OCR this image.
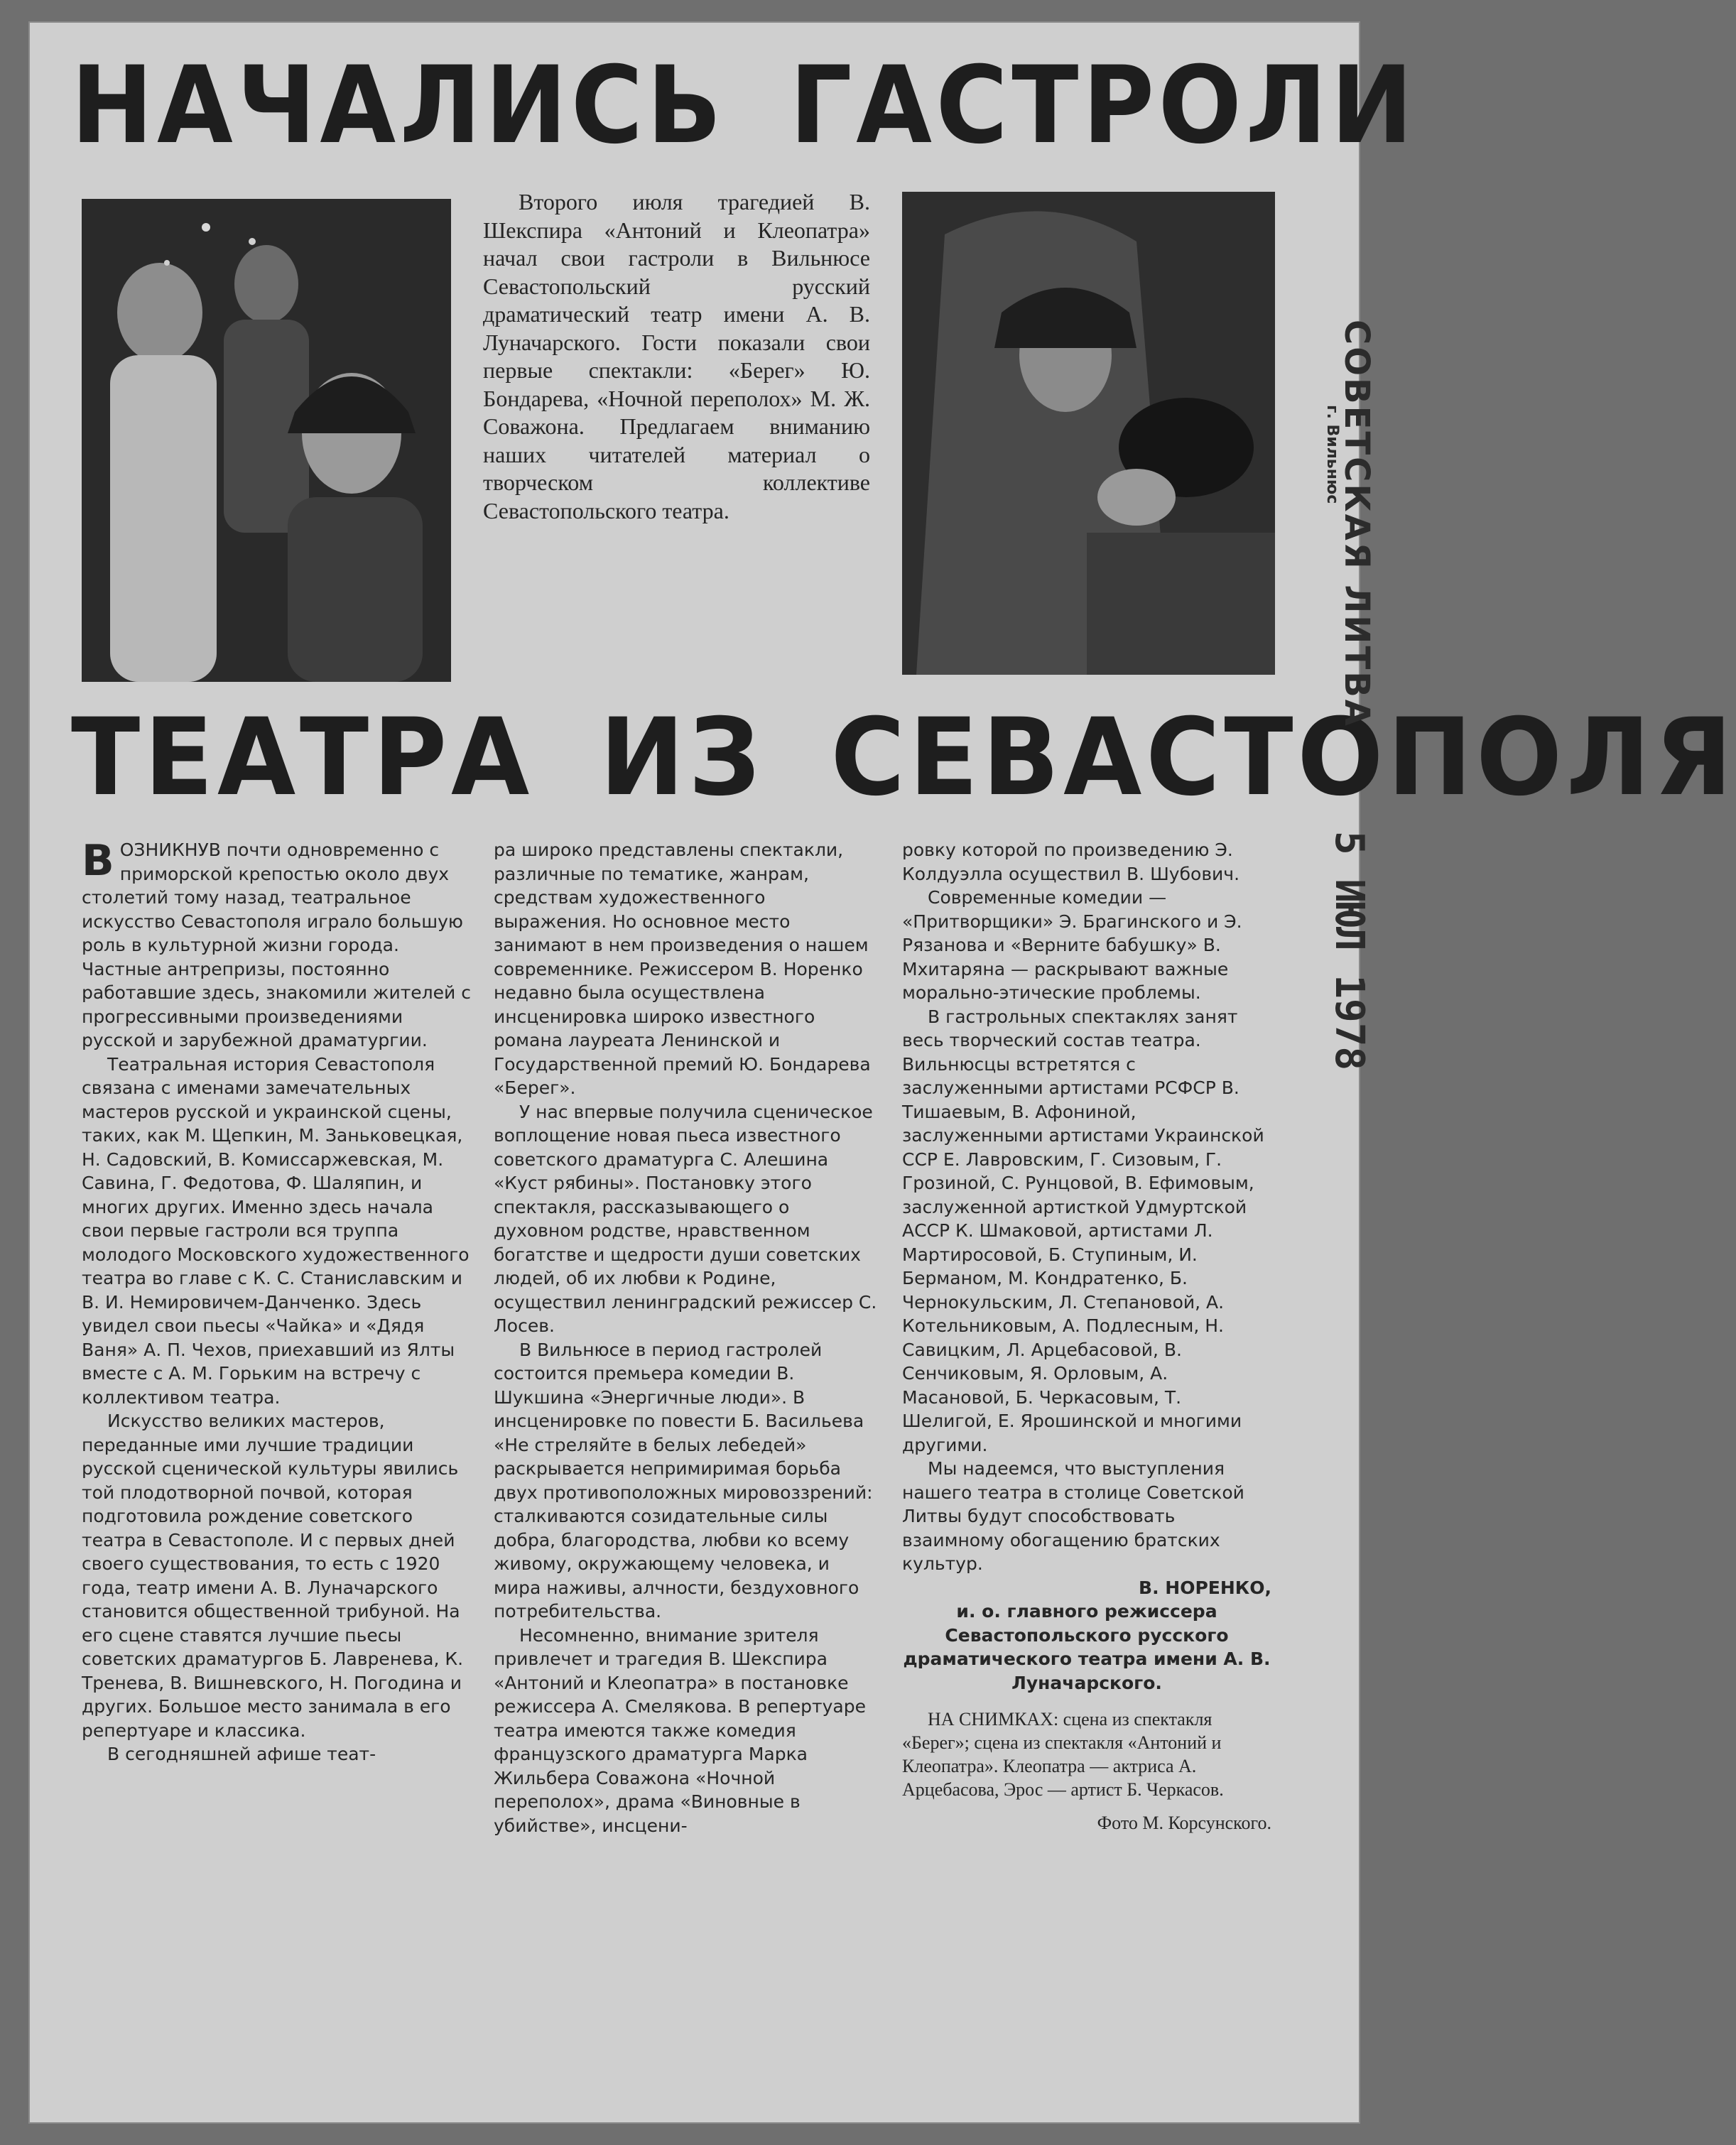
НАЧАЛИСЬ ГАСТРОЛИ

Второго июля трагедией В. Шекспира «Антоний и Клеопатра» начал свои гастроли в Вильнюсе Севастопольский русский драматический театр имени А. В. Луначарского. Гости показали свои первые спектакли: «Берег» Ю. Бондарева, «Ночной переполох» М. Ж. Соважона. Предлагаем вниманию наших читателей материал о творческом коллективе Севастопольского театра.

ТЕАТРА ИЗ СЕВАСТОПОЛЯ
СОВЕТСКАЯ ЛИТВА
г. Вильнюс
5 ИЮЛ 1978

ВОЗНИКНУВ почти одновременно с приморской крепостью около двух столетий тому назад, театральное искусство Севастополя играло большую роль в культурной жизни города. Частные антрепризы, постоянно работавшие здесь, знакомили жителей с прогрессивными произведениями русской и зарубежной драматургии.

Театральная история Севастополя связана с именами замечательных мастеров русской и украинской сцены, таких, как М. Щепкин, М. Заньковецкая, Н. Садовский, В. Комиссаржевская, М. Савина, Г. Федотова, Ф. Шаляпин, и многих других. Именно здесь начала свои первые гастроли вся труппа молодого Московского художественного театра во главе с К. С. Станиславским и В. И. Немировичем-Данченко. Здесь увидел свои пьесы «Чайка» и «Дядя Ваня» А. П. Чехов, приехавший из Ялты вместе с А. М. Горьким на встречу с коллективом театра.

Искусство великих мастеров, переданные ими лучшие традиции русской сценической культуры явились той плодотворной почвой, которая подготовила рождение советского театра в Севастополе. И с первых дней своего существования, то есть с 1920 года, театр имени А. В. Луначарского становится общественной трибуной. На его сцене ставятся лучшие пьесы советских драматургов Б. Лавренева, К. Тренева, В. Вишневского, Н. Погодина и других. Большое место занимала в его репертуаре и классика.

В сегодняшней афише теат-

ра широко представлены спектакли, различные по тематике, жанрам, средствам художественного выражения. Но основное место занимают в нем произведения о нашем современнике. Режиссером В. Норенко недавно была осуществлена инсценировка широко известного романа лауреата Ленинской и Государственной премий Ю. Бондарева «Берег».

У нас впервые получила сценическое воплощение новая пьеса известного советского драматурга С. Алешина «Куст рябины». Постановку этого спектакля, рассказывающего о духовном родстве, нравственном богатстве и щедрости души советских людей, об их любви к Родине, осуществил ленинградский режиссер С. Лосев.

В Вильнюсе в период гастролей состоится премьера комедии В. Шукшина «Энергичные люди». В инсценировке по повести Б. Васильева «Не стреляйте в белых лебедей» раскрывается непримиримая борьба двух противоположных мировоззрений: сталкиваются созидательные силы добра, благородства, любви ко всему живому, окружающему человека, и мира наживы, алчности, бездуховного потребительства.

Несомненно, внимание зрителя привлечет и трагедия В. Шекспира «Антоний и Клеопатра» в постановке режиссера А. Смелякова. В репертуаре театра имеются также комедия французского драматурга Марка Жильбера Соважона «Ночной переполох», драма «Виновные в убийстве», инсцени-

ровку которой по произведению Э. Колдуэлла осуществил В. Шубович.

Современные комедии — «Притворщики» Э. Брагинского и Э. Рязанова и «Верните бабушку» В. Мхитаряна — раскрывают важные морально-этические проблемы.

В гастрольных спектаклях занят весь творческий состав театра. Вильнюсцы встретятся с заслуженными артистами РСФСР В. Тишаевым, В. Афониной, заслуженными артистами Украинской ССР Е. Лавровским, Г. Сизовым, Г. Грозиной, С. Рунцовой, В. Ефимовым, заслуженной артисткой Удмуртской АССР К. Шмаковой, артистами Л. Мартиросовой, Б. Ступиным, И. Берманом, М. Кондратенко, Б. Чернокульским, Л. Степановой, А. Котельниковым, А. Подлесным, Н. Савицким, Л. Арцебасовой, В. Сенчиковым, Я. Орловым, А. Масановой, Б. Черкасовым, Т. Шелигой, Е. Ярошинской и многими другими.

Мы надеемся, что выступления нашего театра в столице Советской Литвы будут способствовать взаимному обогащению братских культур.

В. НОРЕНКО,

и. о. главного режиссера Севастопольского русского драматического театра имени А. В. Луначарского.

НА СНИМКАХ: сцена из спектакля «Берег»; сцена из спектакля «Антоний и Клеопатра». Клеопатра — актриса А. Арцебасова, Эрос — артист Б. Черкасов.

Фото М. Корсунского.
